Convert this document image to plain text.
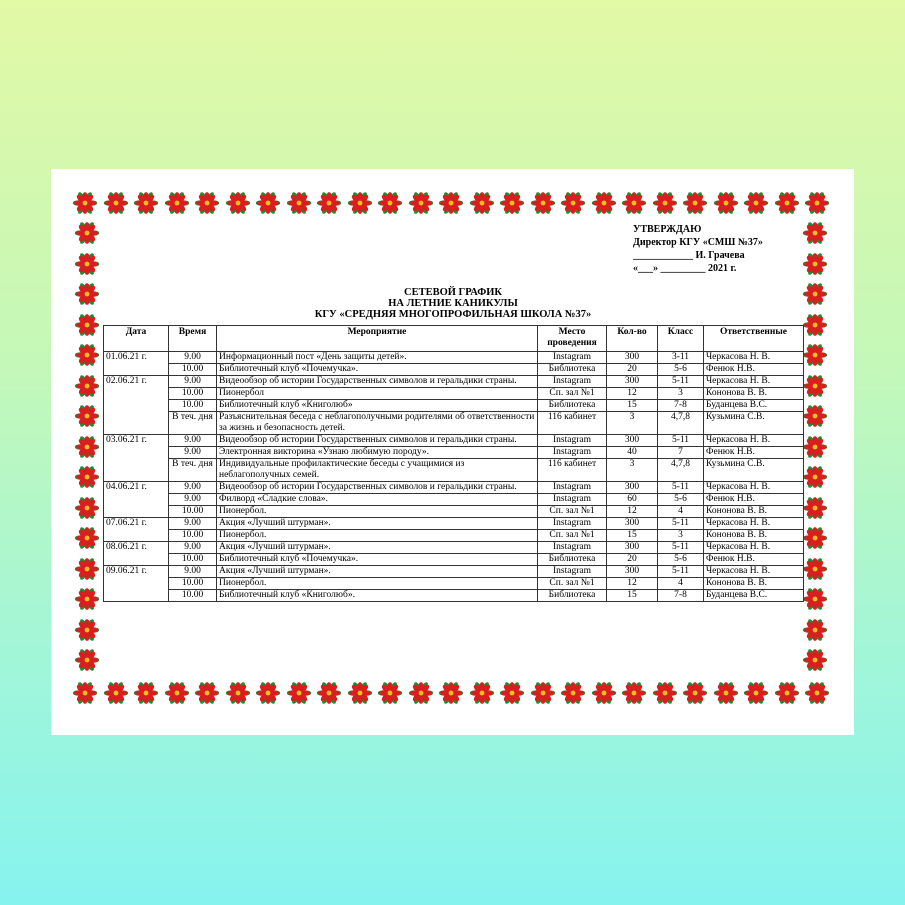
УТВЕРЖДАЮ
Директор КГУ «СМШ №37»
____________ И. Грачева
«___» _________ 2021 г.
СЕТЕВОЙ ГРАФИК
НА ЛЕТНИЕ КАНИКУЛЫ
КГУ «СРЕДНЯЯ МНОГОПРОФИЛЬНАЯ ШКОЛА №37»
Дата	Время	Мероприятие	Место проведения	Кол-во	Класс	Ответственные
01.06.21 г.	9.00	Информационный пост «День защиты детей».	Instagram	300	3-11	Черкасова Н. В.
	10.00	Библиотечный клуб «Почемучка».	Библиотека	20	5-6	Фенюк Н.В.
02.06.21 г.	9.00	Видеообзор об истории Государственных символов и геральдики страны.	Instagram	300	5-11	Черкасова Н. В.
	10.00	Пионербол	Сп. зал №1	12	3	Кононова В. В.
	10.00	Библиотечный клуб «Книголюб»	Библиотека	15	7-8	Буданцева В.С.
	В теч. дня	Разъяснительная беседа с неблагополучными родителями об ответственности за жизнь и безопасность детей.	116 кабинет	3	4,7,8	Кузьмина С.В.
03.06.21 г.	9.00	Видеообзор об истории Государственных символов и геральдики страны.	Instagram	300	5-11	Черкасова Н. В.
	9.00	Электронная викторина «Узнаю любимую породу».	Instagram	40	7	Фенюк Н.В.
	В теч. дня	Индивидуальные профилактические беседы с учащимися из неблагополучных семей.	116 кабинет	3	4,7,8	Кузьмина С.В.
04.06.21 г.	9.00	Видеообзор об истории Государственных символов и геральдики страны.	Instagram	300	5-11	Черкасова Н. В.
	9.00	Филворд «Сладкие слова».	Instagram	60	5-6	Фенюк Н.В.
	10.00	Пионербол.	Сп. зал №1	12	4	Кононова В. В.
07.06.21 г.	9.00	Акция «Лучший штурман».	Instagram	300	5-11	Черкасова Н. В.
	10.00	Пионербол.	Сп. зал №1	15	3	Кононова В. В.
08.06.21 г.	9.00	Акция «Лучший штурман».	Instagram	300	5-11	Черкасова Н. В.
	10.00	Библиотечный клуб «Почемучка».	Библиотека	20	5-6	Фенюк Н.В.
09.06.21 г.	9.00	Акция «Лучший штурман».	Instagram	300	5-11	Черкасова Н. В.
	10.00	Пионербол.	Сп. зал №1	12	4	Кононова В. В.
	10.00	Библиотечный клуб «Книголюб».	Библиотека	15	7-8	Буданцева В.С.
